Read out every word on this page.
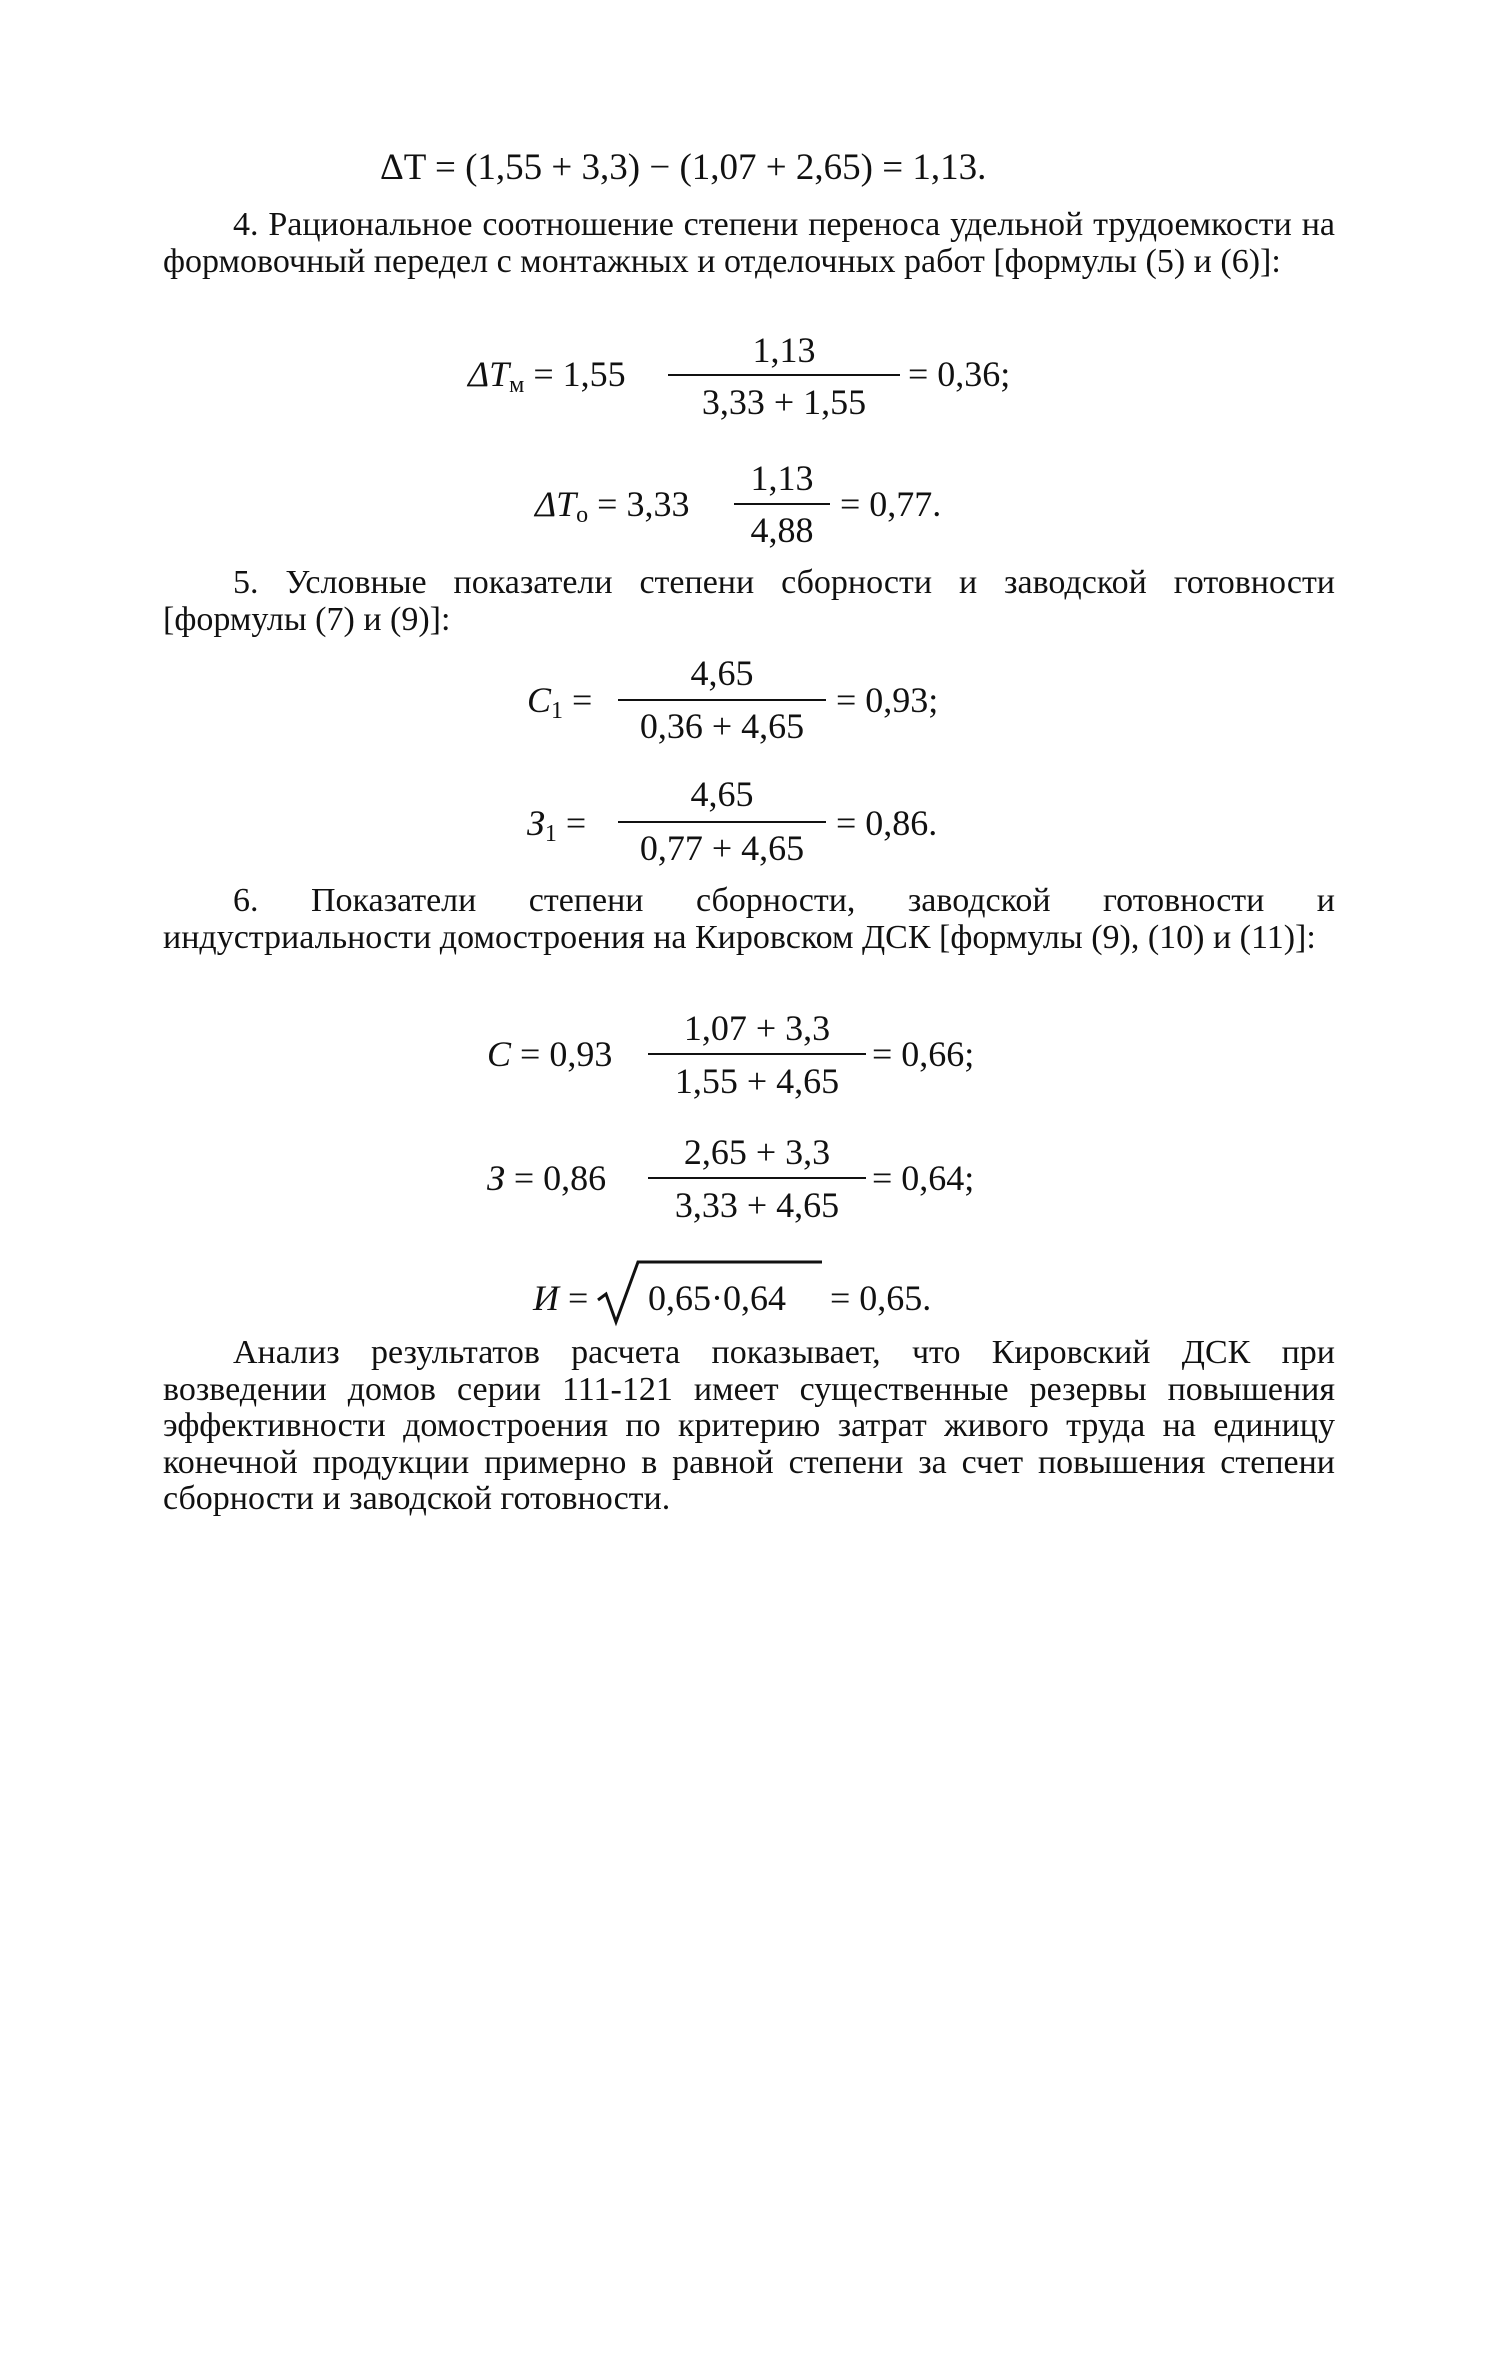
ΔT = (1,55 + 3,3) − (1,07 + 2,65) = 1,13.
4. Рациональное соотношение степени переноса удельной трудоемкости на формовочный передел с монтажных и отделочных работ [формулы (5) и (6)]:
$\Delta T_м = 1,55$
1,13
3,33 + 1,55
= 0,36;
$\Delta T_о = 3,33$
1,13
4,88
= 0,77.
5. Условные показатели степени сборности и заводской готовности [формулы (7) и (9)]:
$C_1$ =
4,65
0,36 + 4,65
= 0,93;
$З_1$ =
4,65
0,77 + 4,65
= 0,86.
6. Показатели степени сборности, заводской готовности и индустриальности домостроения на Кировском ДСК [формулы (9), (10) и (11)]:
C = 0,93
1,07 + 3,3
1,55 + 4,65
= 0,66;
З = 0,86
2,65 + 3,3
3,33 + 4,65
= 0,64;
И = 0,65·0,64 = 0,65.
Анализ результатов расчета показывает, что Кировский ДСК при возведении домов серии 111-121 имеет существенные резервы повышения эффективности домостроения по критерию затрат живого труда на единицу конечной продукции примерно в равной степени за счет повышения степени сборности и заводской готовности.
